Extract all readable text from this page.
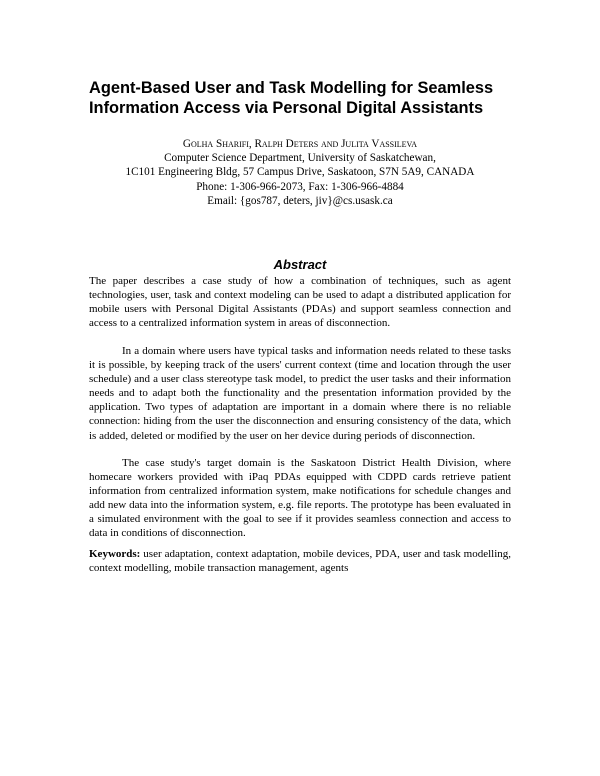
Agent-Based User and Task Modelling for Seamless
Information Access via Personal Digital Assistants
Golha Sharifi, Ralph Deters and Julita Vassileva
Computer Science Department, University of Saskatchewan,
1C101 Engineering Bldg, 57 Campus Drive, Saskatoon, S7N 5A9, CANADA
Phone: 1-306-966-2073, Fax: 1-306-966-4884
Email: {gos787, deters, jiv}@cs.usask.ca
Abstract

The paper describes a case study of how a combination of techniques, such as agent technologies, user, task and context modeling can be used to adapt a distributed application for mobile users with Personal Digital Assistants (PDAs) and support seamless connection and access to a centralized information system in areas of disconnection.

In a domain where users have typical tasks and information needs related to these tasks it is possible, by keeping track of the users' current context (time and location through the user schedule) and a user class stereotype task model, to predict the user tasks and their information needs and to adapt both the functionality and the presentation information provided by the application. Two types of adaptation are important in a domain where there is no reliable connection: hiding from the user the disconnection and ensuring consistency of the data, which is added, deleted or modified by the user on her device during periods of disconnection.

The case study's target domain is the Saskatoon District Health Division, where homecare workers provided with iPaq PDAs equipped with CDPD cards retrieve patient information from centralized information system, make notifications for schedule changes and add new data into the information system, e.g. file reports. The prototype has been evaluated in a simulated environment with the goal to see if it provides seamless connection and access to data in conditions of disconnection.

Keywords: user adaptation, context adaptation, mobile devices, PDA, user and task modelling, context modelling, mobile transaction management, agents
